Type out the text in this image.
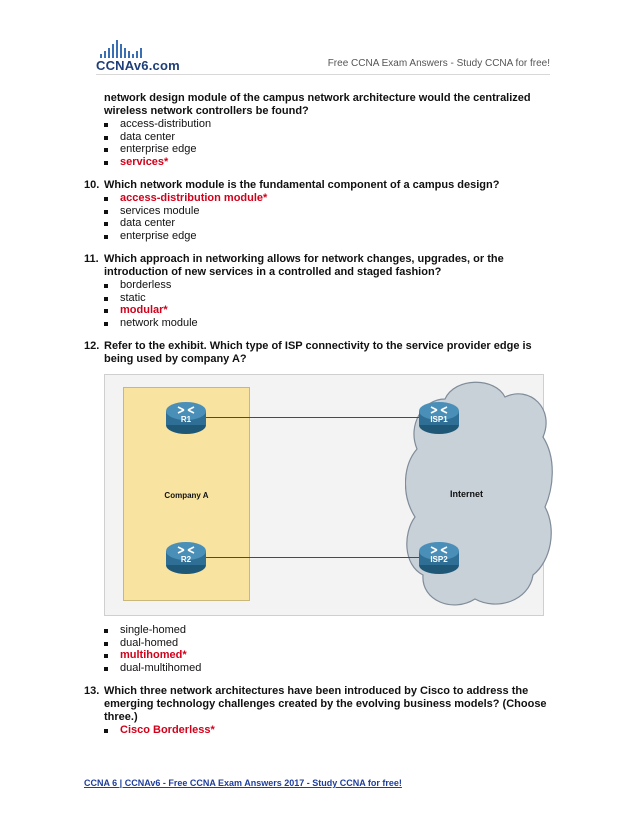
CCNAv6.com	Free CCNA Exam Answers - Study CCNA for free!
network design module of the campus network architecture would the centralized wireless network controllers be found?
access-distribution
data center
enterprise edge
services*
10. Which network module is the fundamental component of a campus design?
access-distribution module*
services module
data center
enterprise edge
11. Which approach in networking allows for network changes, upgrades, or the introduction of new services in a controlled and staged fashion?
borderless
static
modular*
network module
12. Refer to the exhibit. Which type of ISP connectivity to the service provider edge is being used by company A?
Company A
R1
R2
ISP1
ISP2
Internet
single-homed
dual-homed
multihomed*
dual-multihomed
13. Which three network architectures have been introduced by Cisco to address the emerging technology challenges created by the evolving business models? (Choose three.)
Cisco Borderless*
CCNA 6 | CCNAv6 - Free CCNA Exam Answers 2017 - Study CCNA for free!
